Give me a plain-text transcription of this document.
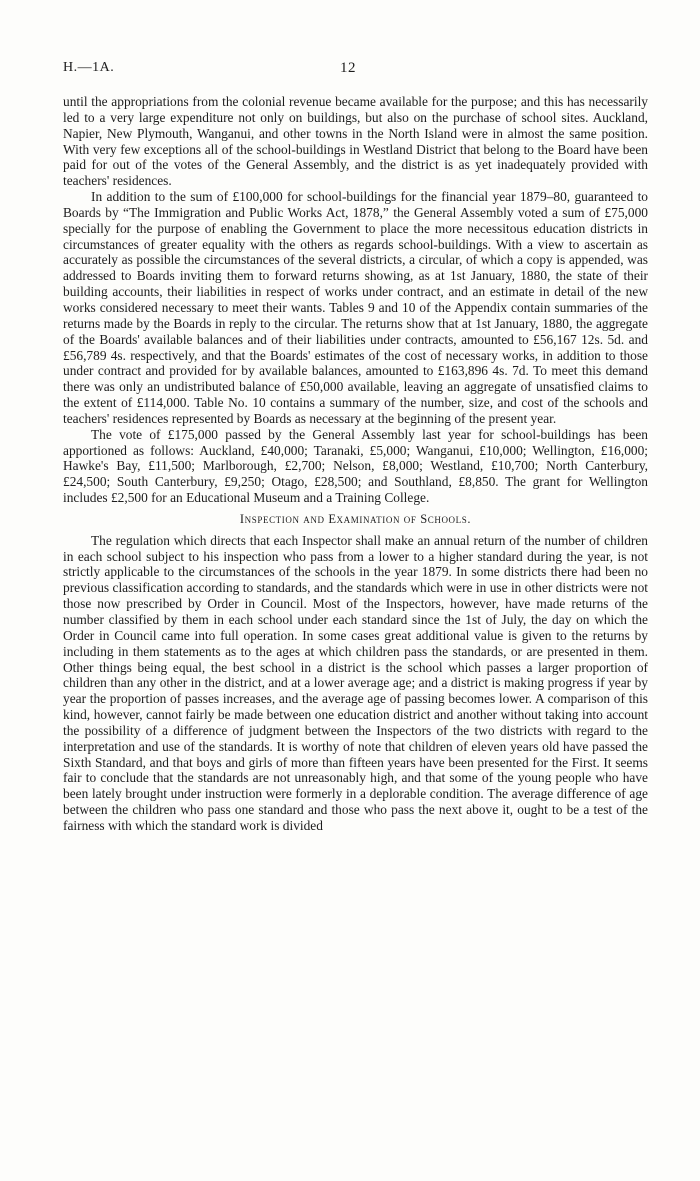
H.—1A.	12

until the appropriations from the colonial revenue became available for the purpose; and this has necessarily led to a very large expenditure not only on buildings, but also on the purchase of school sites. Auckland, Napier, New Plymouth, Wanganui, and other towns in the North Island were in almost the same position. With very few exceptions all of the school-buildings in Westland District that belong to the Board have been paid for out of the votes of the General Assembly, and the district is as yet inadequately provided with teachers' residences.

In addition to the sum of £100,000 for school-buildings for the financial year 1879–80, guaranteed to Boards by “The Immigration and Public Works Act, 1878,” the General Assembly voted a sum of £75,000 specially for the purpose of enabling the Government to place the more necessitous education districts in circumstances of greater equality with the others as regards school-buildings. With a view to ascertain as accurately as possible the circumstances of the several districts, a circular, of which a copy is appended, was addressed to Boards inviting them to forward returns showing, as at 1st January, 1880, the state of their building accounts, their liabilities in respect of works under contract, and an estimate in detail of the new works considered necessary to meet their wants. Tables 9 and 10 of the Appendix contain summaries of the returns made by the Boards in reply to the circular. The returns show that at 1st January, 1880, the aggregate of the Boards' available balances and of their liabilities under contracts, amounted to £56,167 12s. 5d. and £56,789 4s. respectively, and that the Boards' estimates of the cost of necessary works, in addition to those under contract and provided for by available balances, amounted to £163,896 4s. 7d. To meet this demand there was only an undistributed balance of £50,000 available, leaving an aggregate of unsatisfied claims to the extent of £114,000. Table No. 10 contains a summary of the number, size, and cost of the schools and teachers' residences represented by Boards as necessary at the beginning of the present year.

The vote of £175,000 passed by the General Assembly last year for school-buildings has been apportioned as follows: Auckland, £40,000; Taranaki, £5,000; Wanganui, £10,000; Wellington, £16,000; Hawke's Bay, £11,500; Marlborough, £2,700; Nelson, £8,000; Westland, £10,700; North Canterbury, £24,500; South Canterbury, £9,250; Otago, £28,500; and Southland, £8,850. The grant for Wellington includes £2,500 for an Educational Museum and a Training College.

Inspection and Examination of Schools.

The regulation which directs that each Inspector shall make an annual return of the number of children in each school subject to his inspection who pass from a lower to a higher standard during the year, is not strictly applicable to the circumstances of the schools in the year 1879. In some districts there had been no previous classification according to standards, and the standards which were in use in other districts were not those now prescribed by Order in Council. Most of the Inspectors, however, have made returns of the number classified by them in each school under each standard since the 1st of July, the day on which the Order in Council came into full operation. In some cases great additional value is given to the returns by including in them statements as to the ages at which children pass the standards, or are presented in them. Other things being equal, the best school in a district is the school which passes a larger proportion of children than any other in the district, and at a lower average age; and a district is making progress if year by year the proportion of passes increases, and the average age of passing becomes lower. A comparison of this kind, however, cannot fairly be made between one education district and another without taking into account the possibility of a difference of judgment between the Inspectors of the two districts with regard to the interpretation and use of the standards. It is worthy of note that children of eleven years old have passed the Sixth Standard, and that boys and girls of more than fifteen years have been presented for the First. It seems fair to conclude that the standards are not unreasonably high, and that some of the young people who have been lately brought under instruction were formerly in a deplorable condition. The average difference of age between the children who pass one standard and those who pass the next above it, ought to be a test of the fairness with which the standard work is divided
